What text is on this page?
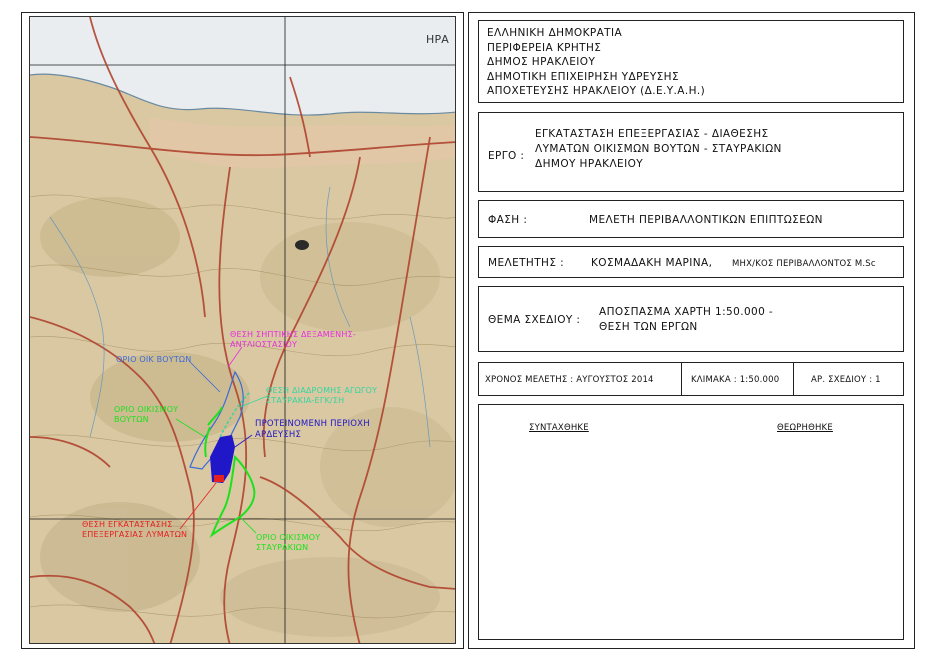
ΗΡΑ
ΘΕΣΗ ΣΗΠΤΙΚΗΣ ΔΕΞΑΜΕΝΗΣ-
ΑΝΤΛΙΟΣΤΑΣΙΟΥ
ΟΡΙΟ ΟΙΚ ΒΟΥΤΩΝ
ΘΕΣΗ ΔΙΑΔΡΟΜΗΣ ΑΓΩΓΟΥ
ΣΤΑΥΡΑΚΙΑ-ΕΓΚ/ΣΗ
ΟΡΙΟ ΟΙΚΙΣΜΟΥ
ΒΟΥΤΩΝ	ΠΡΟΤΕΙΝΟΜΕΝΗ ΠΕΡΙΟΧΗ
ΑΡΔΕΥΣΗΣ
ΘΕΣΗ ΕΓΚΑΤΑΣΤΑΣΗΣ
ΕΠΕΞΕΡΓΑΣΙΑΣ ΛΥΜΑΤΩΝ	ΟΡΙΟ ΟΙΚΙΣΜΟΥ
ΣΤΑΥΡΑΚΙΩΝ
ΕΛΛΗΝΙΚΗ ΔΗΜΟΚΡΑΤΙΑ
ΠΕΡΙΦΕΡΕΙΑ ΚΡΗΤΗΣ
ΔΗΜΟΣ ΗΡΑΚΛΕΙΟΥ
ΔΗΜΟΤΙΚΗ ΕΠΙΧΕΙΡΗΣΗ ΥΔΡΕΥΣΗΣ
ΑΠΟΧΕΤΕΥΣΗΣ ΗΡΑΚΛΕΙΟΥ (Δ.Ε.Υ.Α.Η.)
ΕΡΓΟ :
ΕΓΚΑΤΑΣΤΑΣΗ ΕΠΕΞΕΡΓΑΣΙΑΣ - ΔΙΑΘΕΣΗΣ
ΛΥΜΑΤΩΝ ΟΙΚΙΣΜΩΝ ΒΟΥΤΩΝ - ΣΤΑΥΡΑΚΙΩΝ
ΔΗΜΟΥ ΗΡΑΚΛΕΙΟΥ
ΦΑΣΗ :	ΜΕΛΕΤΗ ΠΕΡΙΒΑΛΛΟΝΤΙΚΩΝ ΕΠΙΠΤΩΣΕΩΝ
ΜΕΛΕΤΗΤΗΣ :	ΚΟΣΜΑΔΑΚΗ ΜΑΡΙΝΑ, ΜΗΧ/ΚΟΣ ΠΕΡΙΒΑΛΛΟΝΤΟΣ M.Sc
ΘΕΜΑ ΣΧΕΔΙΟΥ :
ΑΠΟΣΠΑΣΜΑ ΧΑΡΤΗ 1:50.000 -
ΘΕΣΗ ΤΩΝ ΕΡΓΩΝ
ΧΡΟΝΟΣ ΜΕΛΕΤΗΣ : ΑΥΓΟΥΣΤΟΣ 2014	ΚΛΙΜΑΚΑ : 1:50.000	ΑΡ. ΣΧΕΔΙΟΥ : 1
ΣΥΝΤΑΧΘΗΚΕ	ΘΕΩΡΗΘΗΚΕ
